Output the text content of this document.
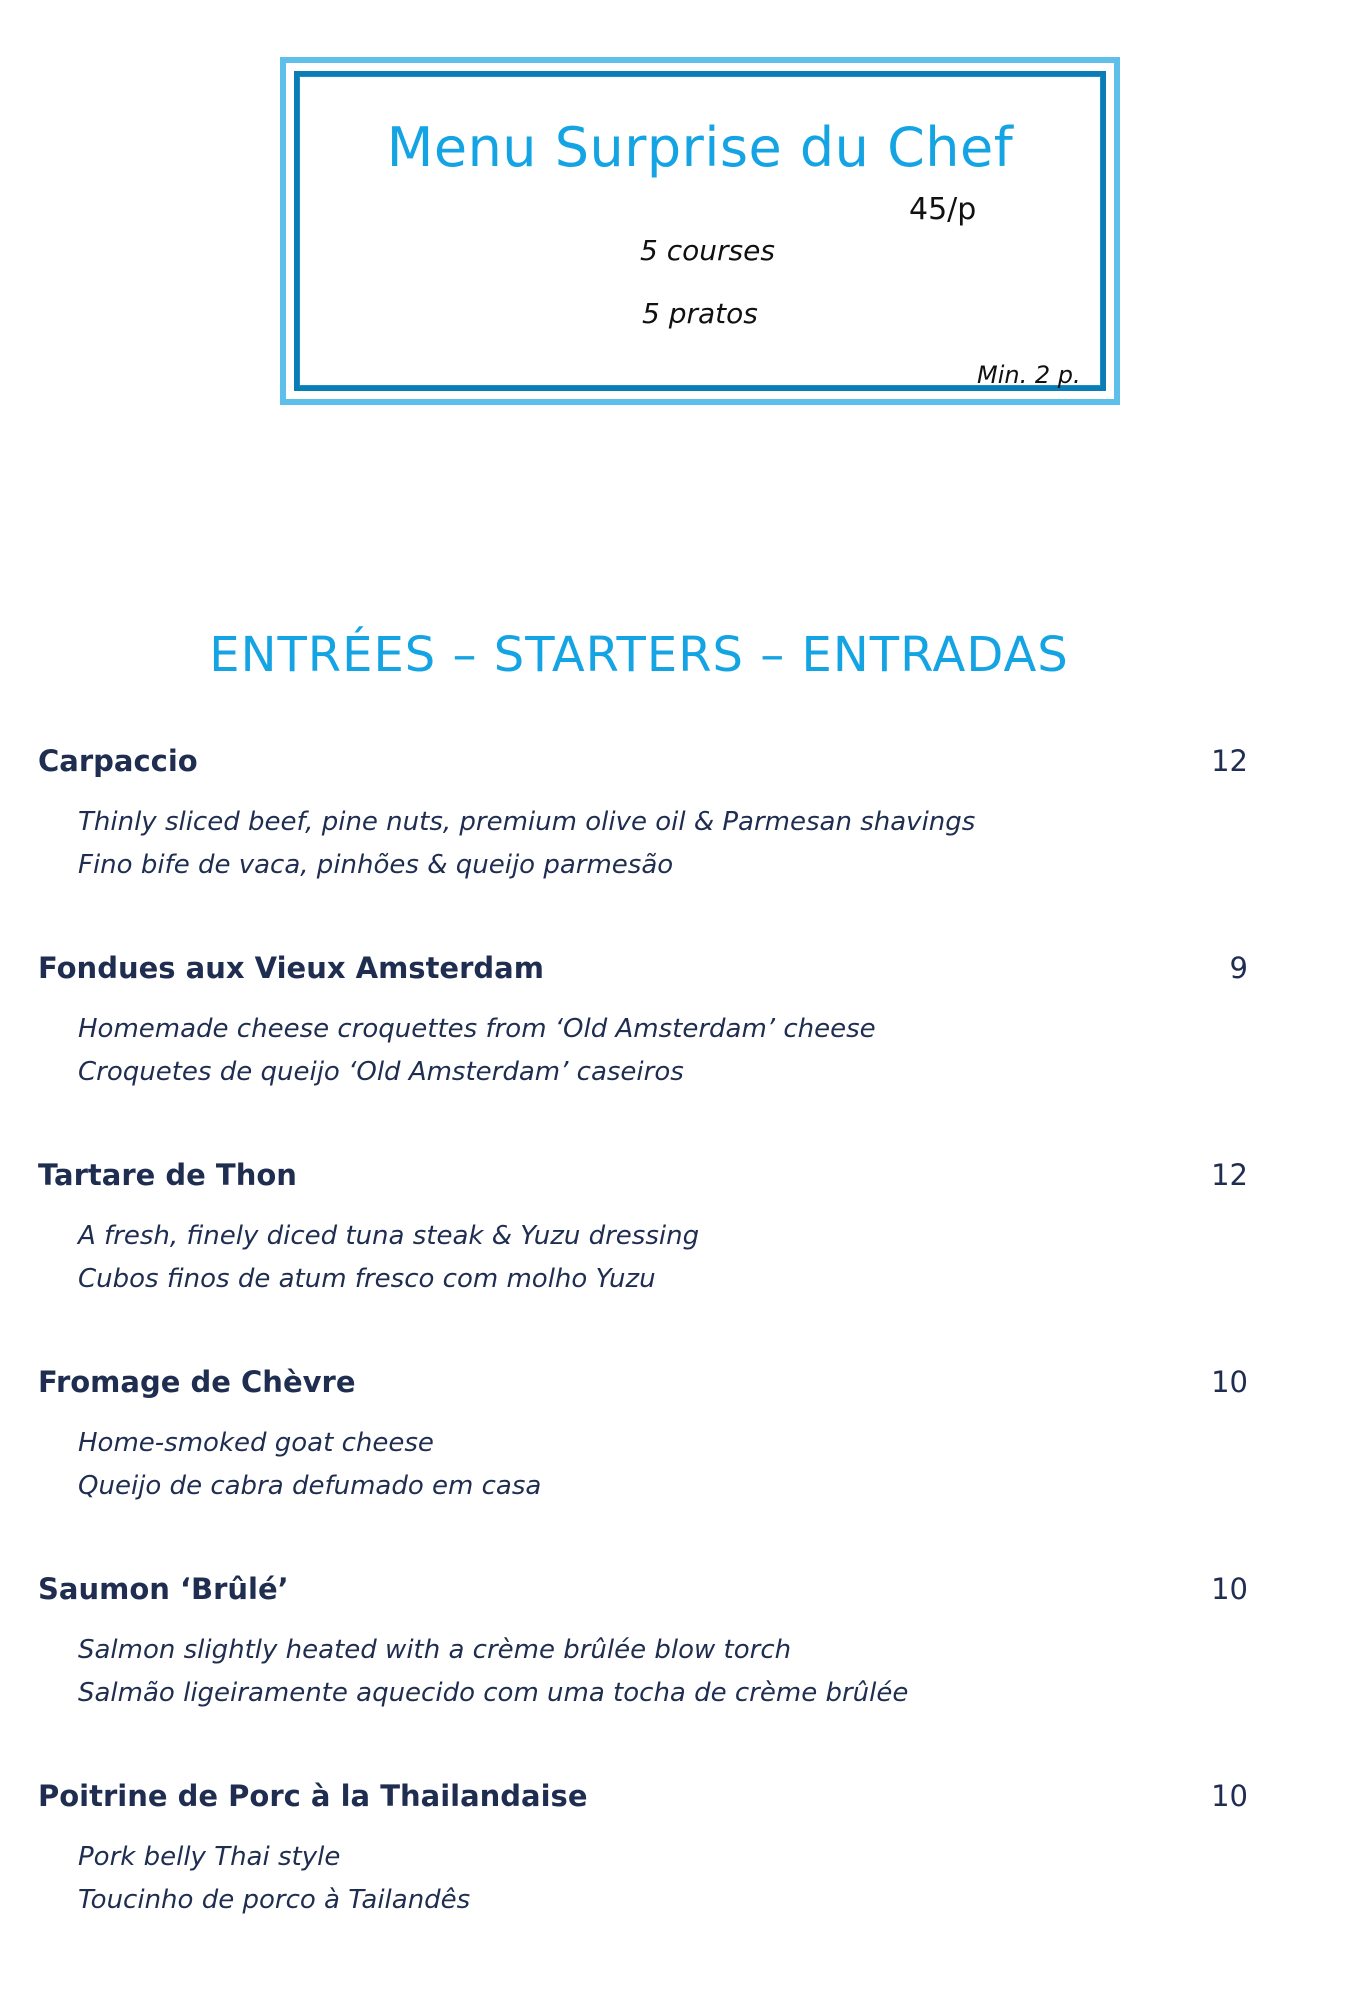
Menu Surprise du Chef
45/p
5 courses
5 pratos
Min. 2 p.
ENTRÉES – STARTERS – ENTRADAS
Carpaccio	12
Thinly sliced beef, pine nuts, premium olive oil & Parmesan shavings
Fino bife de vaca, pinhões & queijo parmesão
Fondues aux Vieux Amsterdam	9
Homemade cheese croquettes from ‘Old Amsterdam’ cheese
Croquetes de queijo ‘Old Amsterdam’ caseiros
Tartare de Thon	12
A fresh, finely diced tuna steak & Yuzu dressing
Cubos finos de atum fresco com molho Yuzu
Fromage de Chèvre	10
Home-smoked goat cheese
Queijo de cabra defumado em casa
Saumon ‘Brûlé’	10
Salmon slightly heated with a crème brûlée blow torch
Salmão ligeiramente aquecido com uma tocha de crème brûlée
Poitrine de Porc à la Thailandaise	10
Pork belly Thai style
Toucinho de porco à Tailandês
